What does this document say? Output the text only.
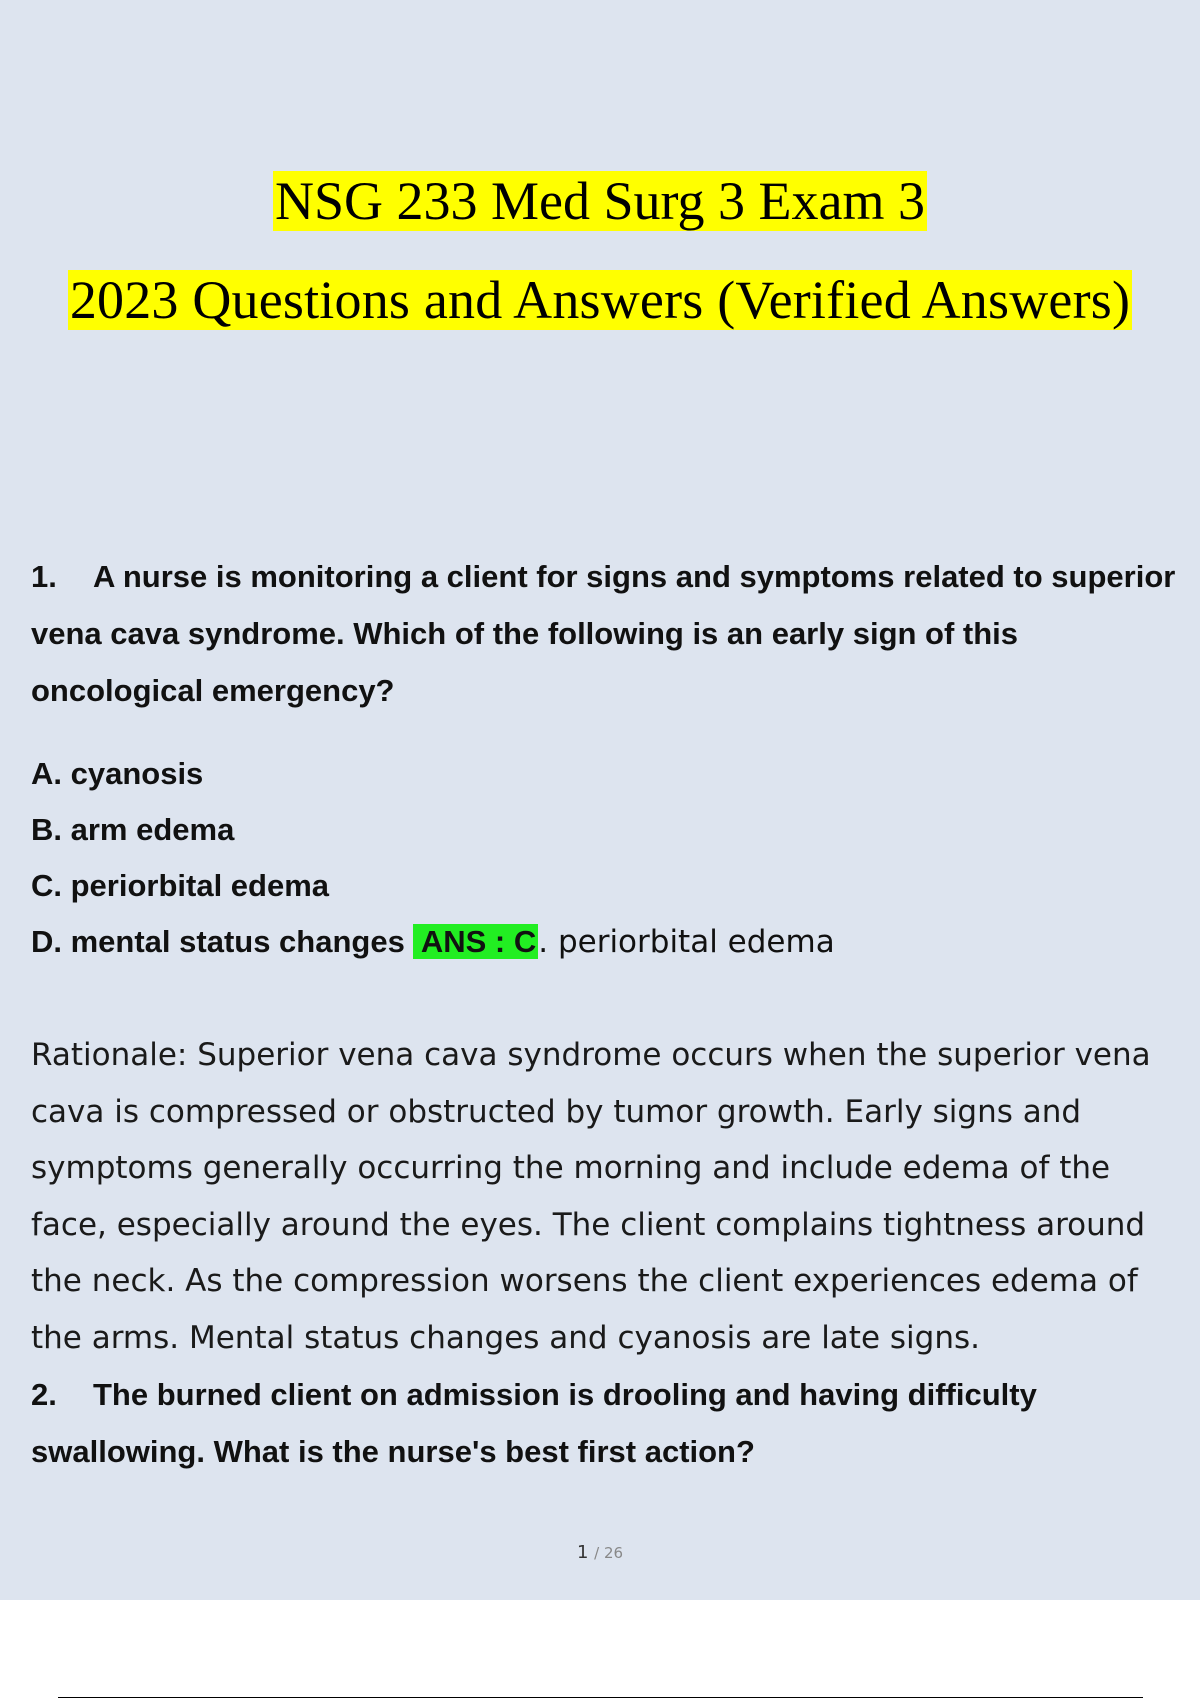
NSG 233 Med Surg 3 Exam 3
2023 Questions and Answers (Verified Answers)

1. A nurse is monitoring a client for signs and symptoms related to superior vena cava syndrome. Which of the following is an early sign of this oncological emergency?

A. cyanosis
B. arm edema
C. periorbital edema
D. mental status changes ANS : C. periorbital edema
Rationale: Superior vena cava syndrome occurs when the superior vena cava is compressed or obstructed by tumor growth. Early signs and symptoms generally occurring the morning and include edema of the face, especially around the eyes. The client complains tightness around the neck. As the compression worsens the client experiences edema of the arms. Mental status changes and cyanosis are late signs.

2. The burned client on admission is drooling and having difficulty swallowing. What is the nurse's best first action?

1 / 26
